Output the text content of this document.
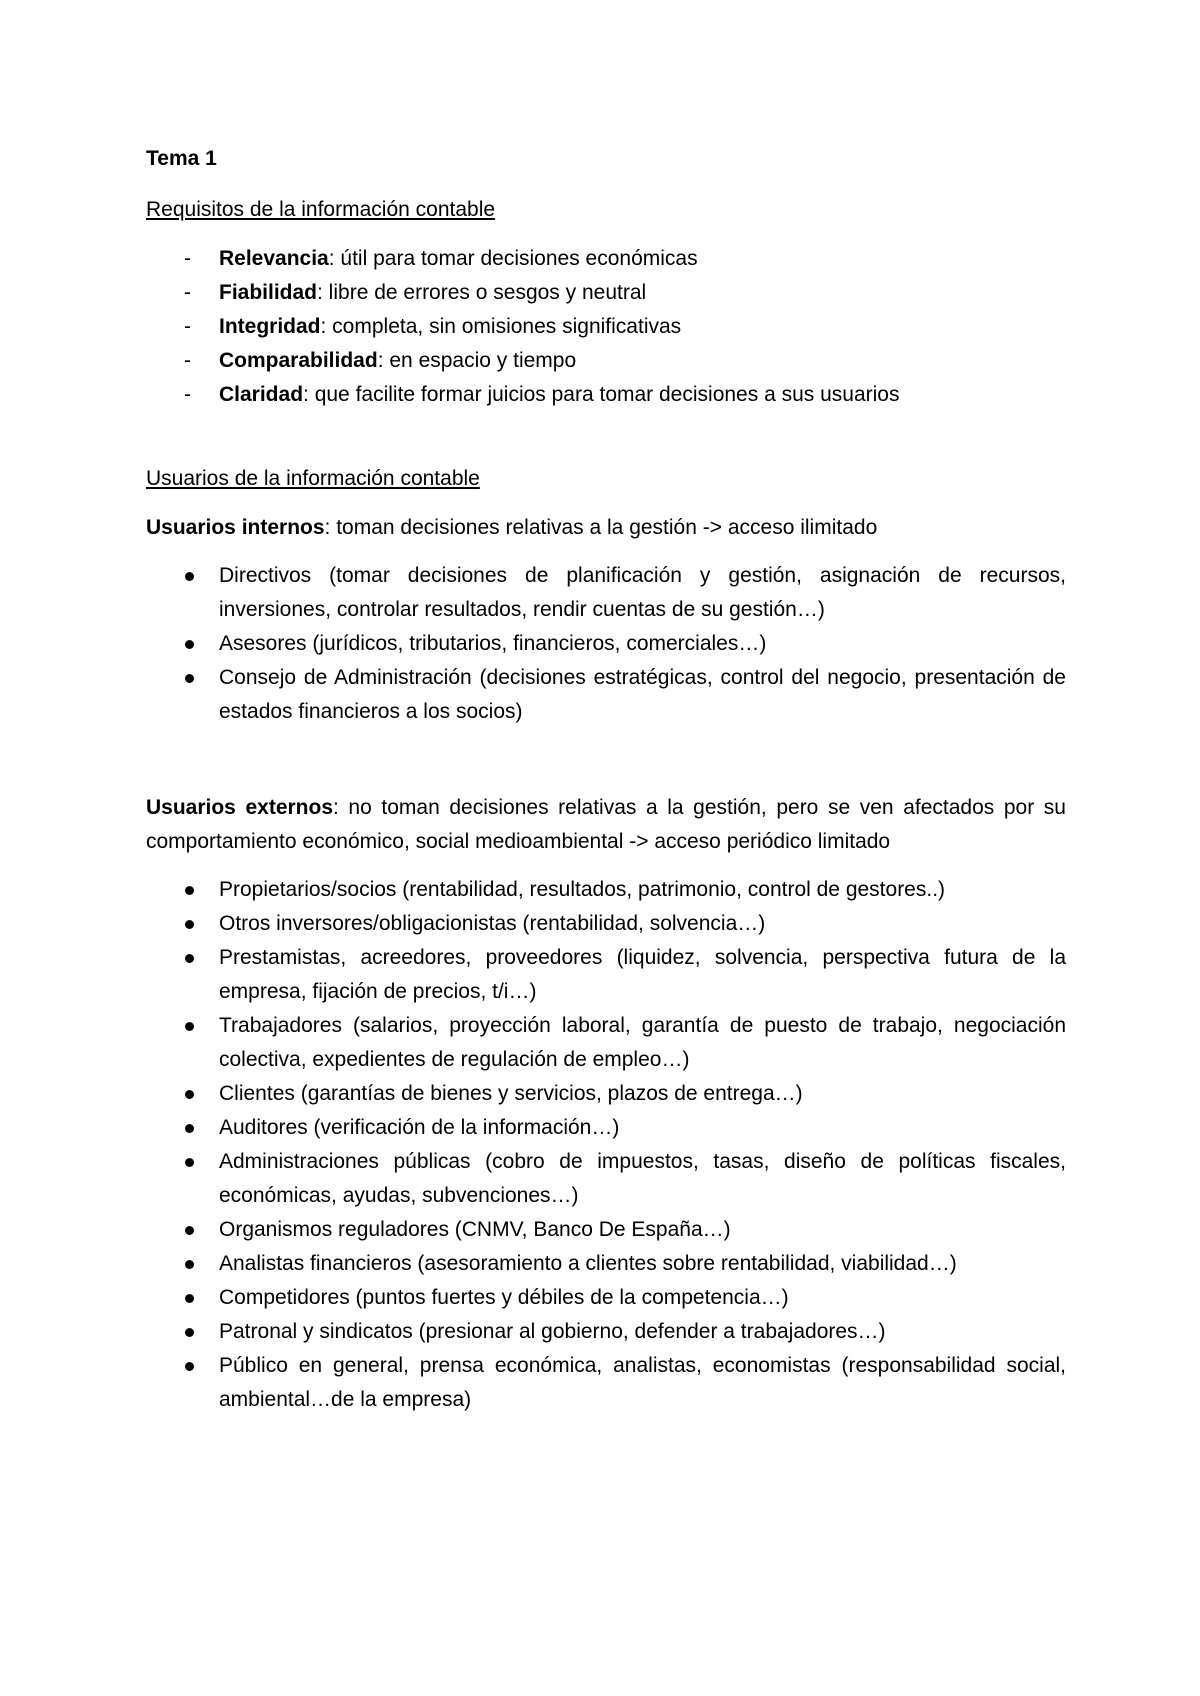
Tema 1
Requisitos de la información contable
- Relevancia: útil para tomar decisiones económicas
- Fiabilidad: libre de errores o sesgos y neutral
- Integridad: completa, sin omisiones significativas
- Comparabilidad: en espacio y tiempo
- Claridad: que facilite formar juicios para tomar decisiones a sus usuarios
Usuarios de la información contable

Usuarios internos: toman decisiones relativas a la gestión -> acceso ilimitado

Directivos (tomar decisiones de planificación y gestión, asignación de recursos, inversiones, controlar resultados, rendir cuentas de su gestión…)
Asesores (jurídicos, tributarios, financieros, comerciales…)
Consejo de Administración (decisiones estratégicas, control del negocio, presentación de estados financieros a los socios)

Usuarios externos: no toman decisiones relativas a la gestión, pero se ven afectados por su comportamiento económico, social medioambiental -> acceso periódico limitado

Propietarios/socios (rentabilidad, resultados, patrimonio, control de gestores..)
Otros inversores/obligacionistas (rentabilidad, solvencia…)
Prestamistas, acreedores, proveedores (liquidez, solvencia, perspectiva futura de la empresa, fijación de precios, t/i…)
Trabajadores (salarios, proyección laboral, garantía de puesto de trabajo, negociación colectiva, expedientes de regulación de empleo…)
Clientes (garantías de bienes y servicios, plazos de entrega…)
Auditores (verificación de la información…)
Administraciones públicas (cobro de impuestos, tasas, diseño de políticas fiscales, económicas, ayudas, subvenciones…)
Organismos reguladores (CNMV, Banco De España…)
Analistas financieros (asesoramiento a clientes sobre rentabilidad, viabilidad…)
Competidores (puntos fuertes y débiles de la competencia…)
Patronal y sindicatos (presionar al gobierno, defender a trabajadores…)
Público en general, prensa económica, analistas, economistas (responsabilidad social, ambiental…de la empresa)
